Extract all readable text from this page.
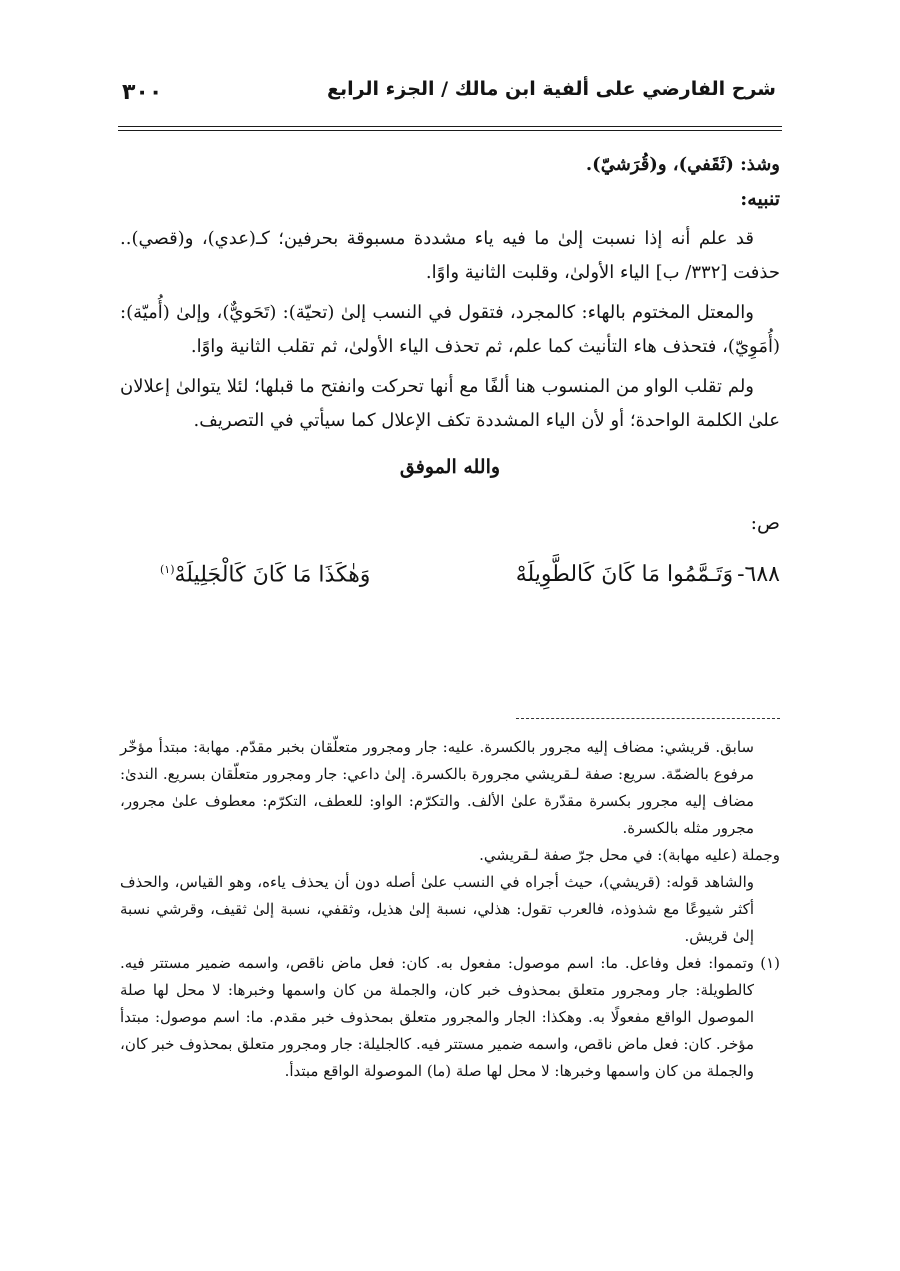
شرح الفارضي على ألفية ابن مالك / الجزء الرابع
٣٠٠

وشذ: (ثَقَفي)، و(قُرَشيّ).

تنبيه:

قد علم أنه إذا نسبت إلىٰ ما فيه ياء مشددة مسبوقة بحرفين؛ كـ(عدي)، و(قصي).. حذفت [٣٣٢/ ب] الياء الأولىٰ، وقلبت الثانية واوًا.

والمعتل المختوم بالهاء: كالمجرد، فتقول في النسب إلىٰ (تحيّة): (تَحَويٌّ)، وإلىٰ (أُميّة): (أُمَوِيّ)، فتحذف هاء التأنيث كما علم، ثم تحذف الياء الأولىٰ، ثم تقلب الثانية واوًا.

ولم تقلب الواو من المنسوب هنا ألفًا مع أنها تحركت وانفتح ما قبلها؛ لئلا يتوالىٰ إعلالان علىٰ الكلمة الواحدة؛ أو لأن الياء المشددة تكف الإعلال كما سيأتي في التصريف.

والله الموفق

ص:

٦٨٨-
وَتَـمَّمُوا مَا كَانَ كَالطَّوِيلَهْ
وَهٰكَذَا مَا كَانَ كَالْجَلِيلَهْ$^{(١)}$

سابق. قريشي: مضاف إليه مجرور بالكسرة. عليه: جار ومجرور متعلّقان بخبر مقدّم. مهابة: مبتدأ مؤخّر مرفوع بالضمّة. سريع: صفة لـقريشي مجرورة بالكسرة. إلىٰ داعي: جار ومجرور متعلّقان بسريع. الندىٰ: مضاف إليه مجرور بكسرة مقدّرة علىٰ الألف. والتكرّم: الواو: للعطف، التكرّم: معطوف علىٰ مجرور، مجرور مثله بالكسرة.

وجملة (عليه مهابة): في محل جرّ صفة لـقريشي.

والشاهد قوله: (قريشي)، حيث أجراه في النسب علىٰ أصله دون أن يحذف ياءه، وهو القياس، والحذف أكثر شيوعًا مع شذوذه، فالعرب تقول: هذلي، نسبة إلىٰ هذيل، وثقفي، نسبة إلىٰ ثقيف، وقرشي نسبة إلىٰ قريش.

(١)
وتمموا: فعل وفاعل. ما: اسم موصول: مفعول به. كان: فعل ماض ناقص، واسمه ضمير مستتر فيه. كالطويلة: جار ومجرور متعلق بمحذوف خبر كان، والجملة من كان واسمها وخبرها: لا محل لها صلة الموصول الواقع مفعولًا به. وهكذا: الجار والمجرور متعلق بمحذوف خبر مقدم. ما: اسم موصول: مبتدأ مؤخر. كان: فعل ماض ناقص، واسمه ضمير مستتر فيه. كالجليلة: جار ومجرور متعلق بمحذوف خبر كان، والجملة من كان واسمها وخبرها: لا محل لها صلة (ما) الموصولة الواقع مبتدأ.
